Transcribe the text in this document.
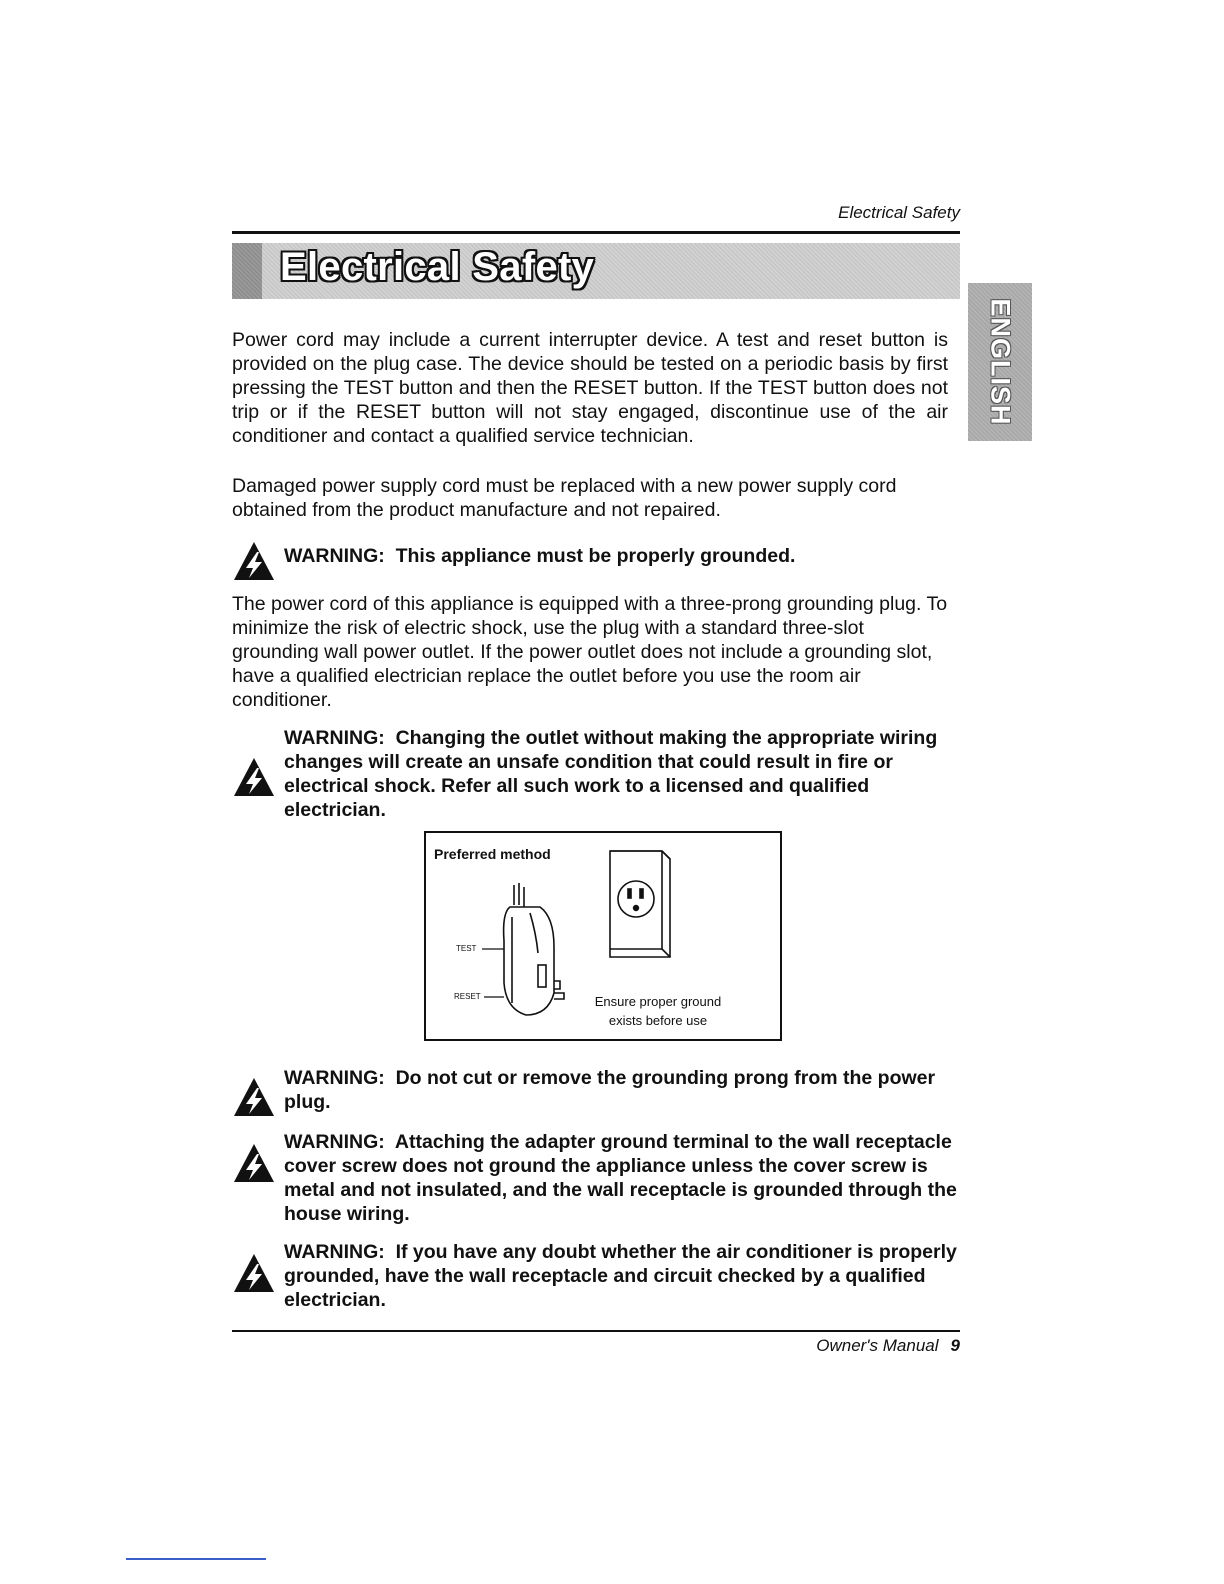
Electrical Safety
Electrical Safety
ENGLISH
Power cord may include a current interrupter device. A test and reset button is provided on the plug case. The device should be tested on a periodic basis by first pressing the TEST button and then the RESET button. If the TEST button does not trip or if the RESET button will not stay engaged, discontinue use of the air conditioner and contact a qualified service technician.
Damaged power supply cord must be replaced with a new power supply cord obtained from the product manufacture and not repaired.
WARNING: This appliance must be properly grounded.
The power cord of this appliance is equipped with a three-prong grounding plug. To minimize the risk of electric shock, use the plug with a standard three-slot grounding wall power outlet. If the power outlet does not include a grounding slot, have a qualified electrician replace the outlet before you use the room air conditioner.
WARNING: Changing the outlet without making the appropriate wiring changes will create an unsafe condition that could result in fire or electrical shock. Refer all such work to a licensed and qualified electrician.
Preferred method
TEST
RESET	Ensure proper ground
exists before use
WARNING: Do not cut or remove the grounding prong from the power plug.
WARNING: Attaching the adapter ground terminal to the wall receptacle cover screw does not ground the appliance unless the cover screw is metal and not insulated, and the wall receptacle is grounded through the house wiring.
WARNING: If you have any doubt whether the air conditioner is properly grounded, have the wall receptacle and circuit checked by a qualified electrician.
Owner's Manual 9
